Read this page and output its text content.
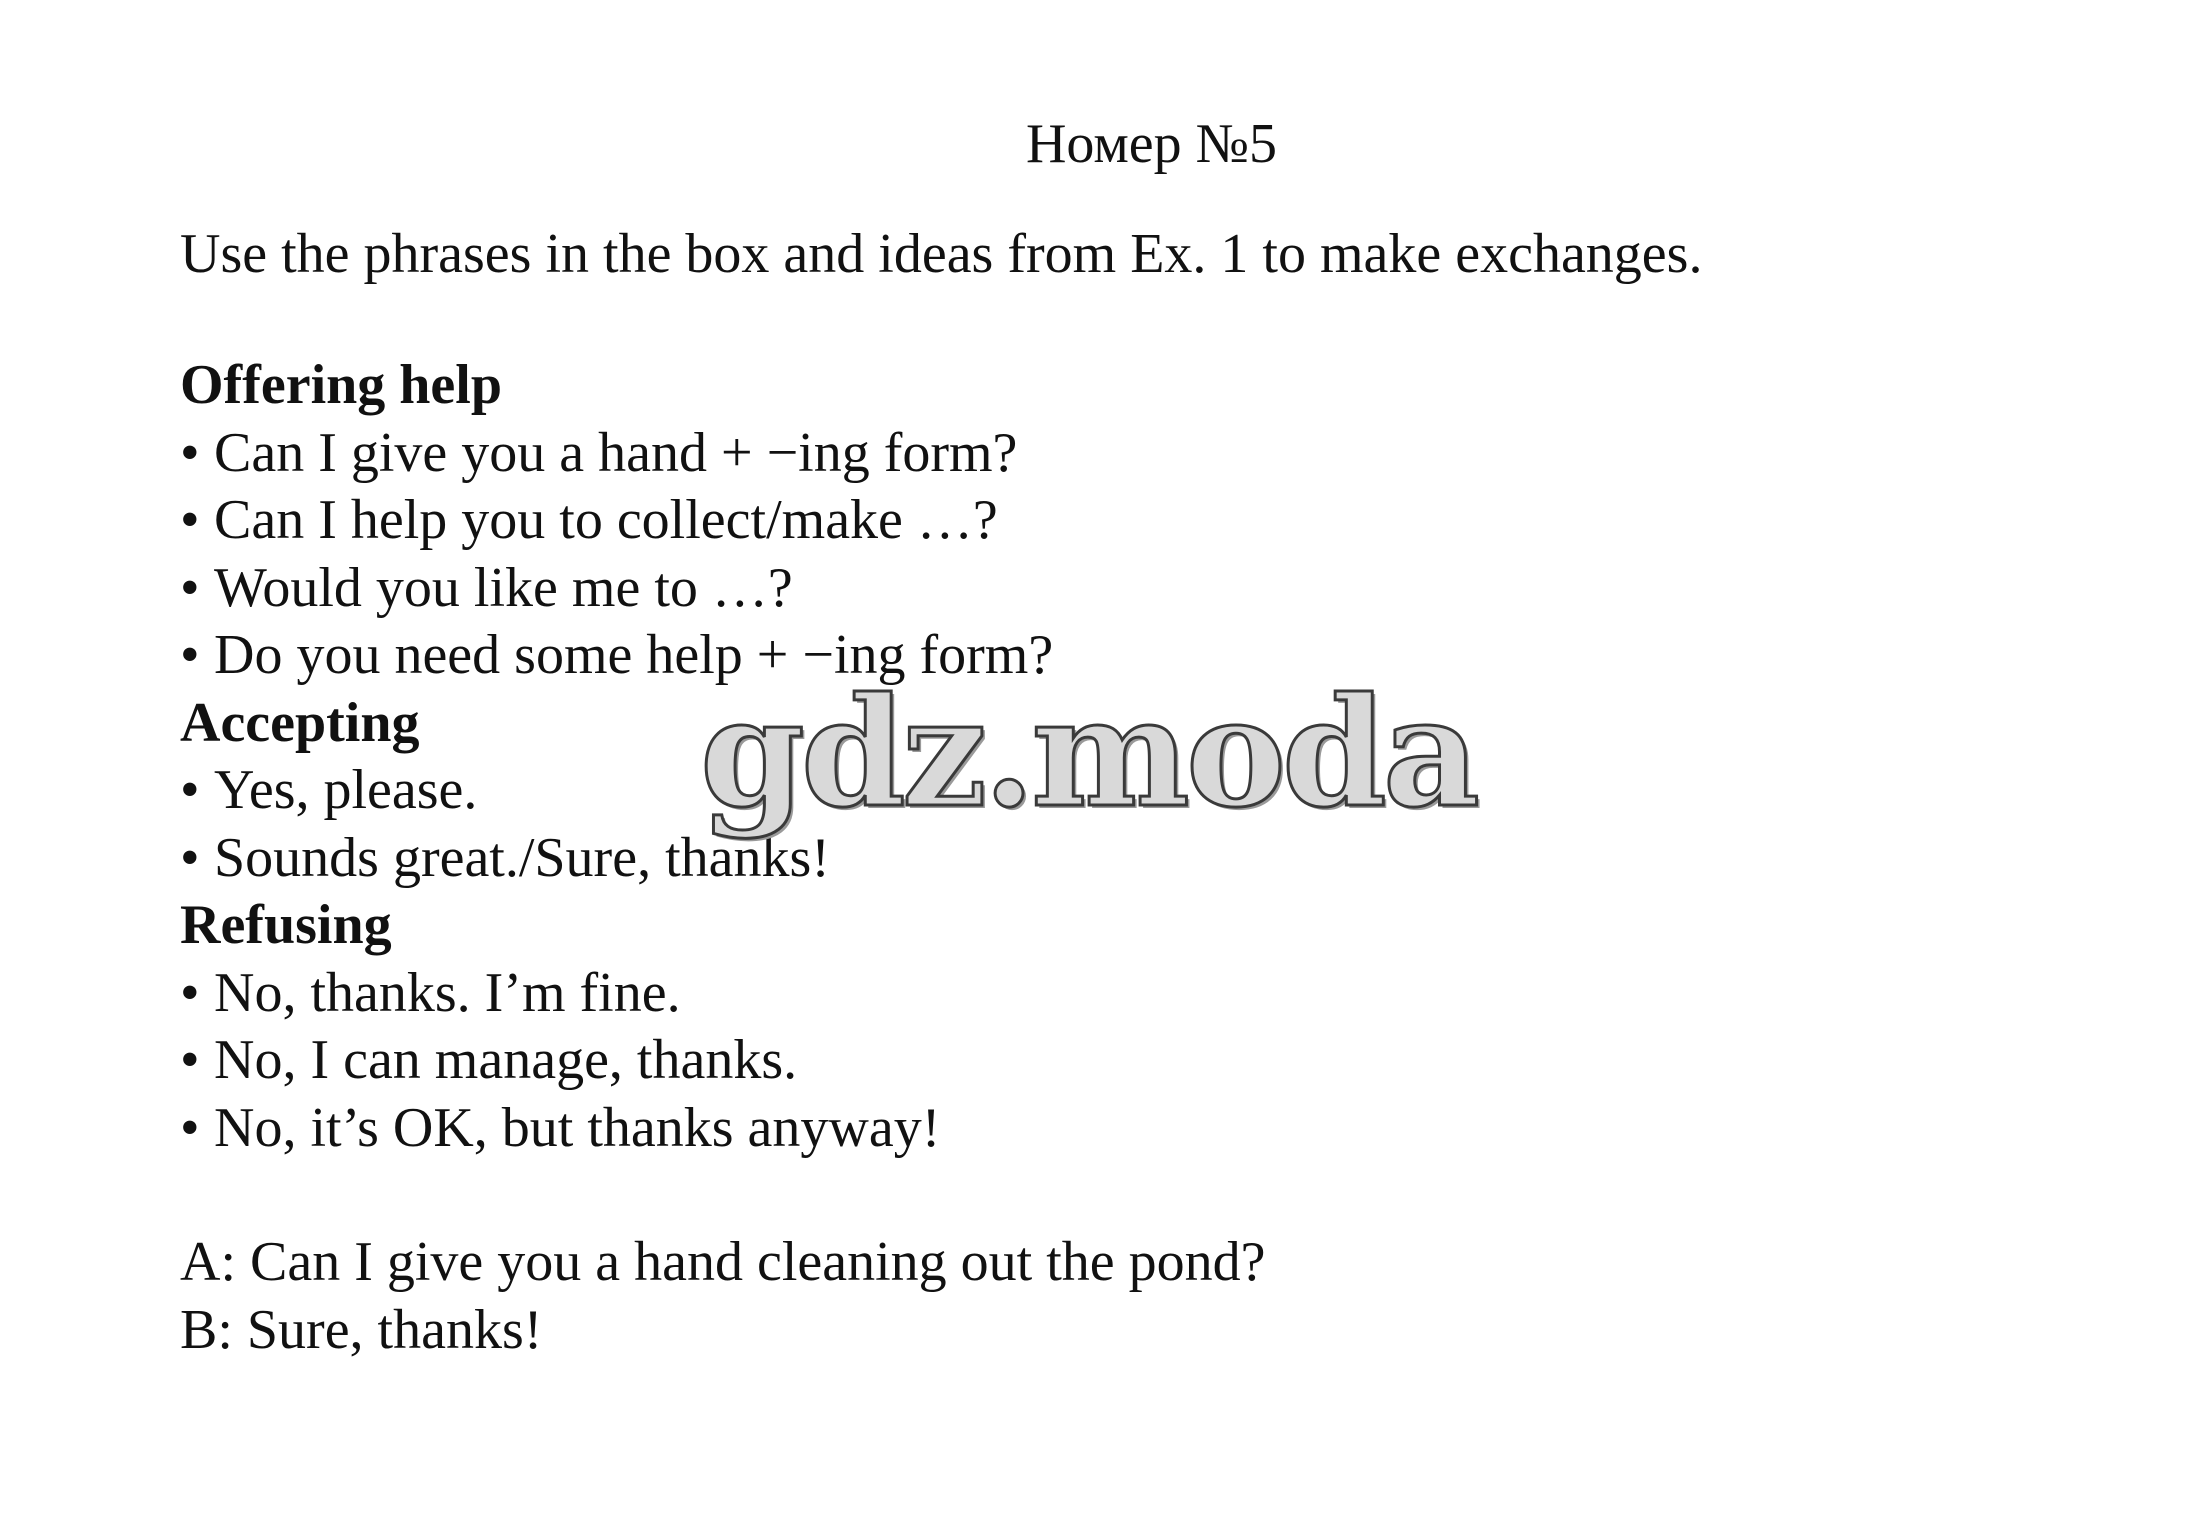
Номер №5
Use the phrases in the box and ideas from Ex. 1 to make exchanges.
Offering help
• Can I give you a hand + −ing form?
• Can I help you to collect/make …?
• Would you like me to …?
• Do you need some help + −ing form?
Accepting
• Yes, please.
• Sounds great./Sure, thanks!
Refusing
• No, thanks. I’m fine.
• No, I can manage, thanks.
• No, it’s OK, but thanks anyway!
A: Can I give you a hand cleaning out the pond?
B: Sure, thanks!
gdz.moda
